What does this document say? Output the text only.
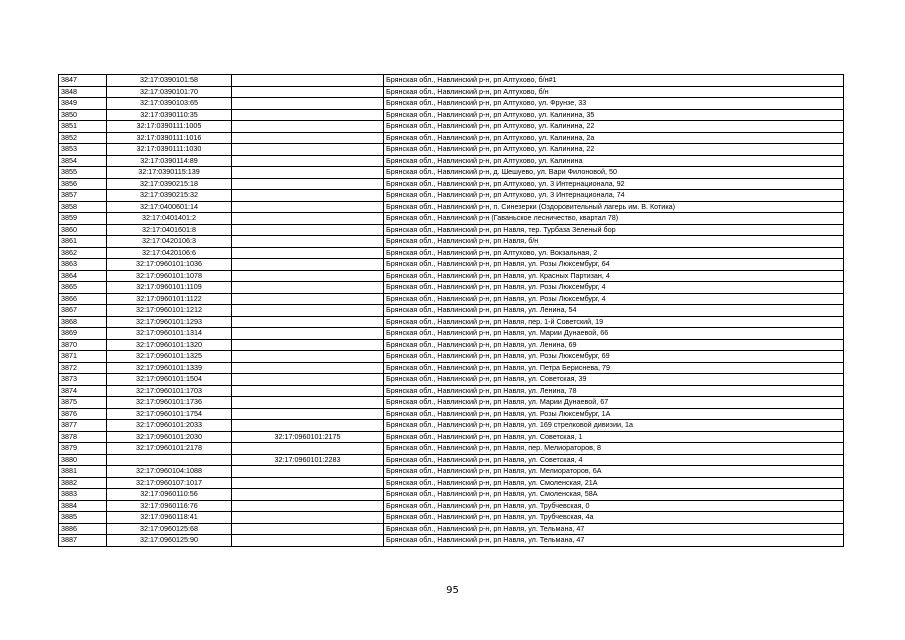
3847	32:17:0390101:58		Брянская обл., Навлинский р-н, рп Алтухово, б/н#1
3848	32:17:0390101:70		Брянская обл., Навлинский р-н, рп Алтухово, б/н
3849	32:17:0390103:65		Брянская обл., Навлинский р-н, рп Алтухово, ул. Фрунзе, 33
3850	32:17:0390110:35		Брянская обл., Навлинский р-н, рп Алтухово, ул. Калинина, 35
3851	32:17:0390111:1005		Брянская обл., Навлинский р-н, рп Алтухово, ул. Калинина, 22
3852	32:17:0390111:1016		Брянская обл., Навлинский р-н, рп Алтухово, ул. Калинина, 2а
3853	32:17:0390111:1030		Брянская обл., Навлинский р-н, рп Алтухово, ул. Калинина, 22
3854	32:17:0390114:89		Брянская обл., Навлинский р-н, рп Алтухово, ул. Калинина
3855	32:17:0390115:139		Брянская обл., Навлинский р-н, д. Шешуево, ул. Вари Филоновой, 50
3856	32:17:0390215:18		Брянская обл., Навлинский р-н, рп Алтухово, ул. 3 Интернационала, 92
3857	32:17:0390215:32		Брянская обл., Навлинский р-н, рп Алтухово, ул. 3 Интернационала, 74
3858	32:17:0400601:14		Брянская обл., Навлинский р-н, п. Синезерки (Оздоровительный лагерь им. В. Котика)
3859	32:17:0401401:2		Брянская обл., Навлинский р-н (Гаваньское лесничество, квартал 78)
3860	32:17:0401601:8		Брянская обл., Навлинский р-н, рп Навля, тер. Турбаза Зеленый бор
3861	32:17:0420106:3		Брянская обл., Навлинский р-н, рп Навля, б/н
3862	32:17:0420106:6		Брянская обл., Навлинский р-н, рп Алтухово, ул. Вокзальная, 2
3863	32:17:0960101:1036		Брянская обл., Навлинский р-н, рп Навля, ул. Розы Люксембург, 64
3864	32:17:0960101:1078		Брянская обл., Навлинский р-н, рп Навля, ул. Красных Партизан, 4
3865	32:17:0960101:1109		Брянская обл., Навлинский р-н, рп Навля, ул. Розы Люксембург, 4
3866	32:17:0960101:1122		Брянская обл., Навлинский р-н, рп Навля, ул. Розы Люксембург, 4
3867	32:17:0960101:1212		Брянская обл., Навлинский р-н, рп Навля, ул. Ленина, 54
3868	32:17:0960101:1293		Брянская обл., Навлинский р-н, рп Навля, пер. 1-й Советский, 19
3869	32:17:0960101:1314		Брянская обл., Навлинский р-н, рп Навля, ул. Марии Дунаевой, 66
3870	32:17:0960101:1320		Брянская обл., Навлинский р-н, рп Навля, ул. Ленина, 69
3871	32:17:0960101:1325		Брянская обл., Навлинский р-н, рп Навля, ул. Розы Люксембург, 69
3872	32:17:0960101:1339		Брянская обл., Навлинский р-н, рп Навля, ул. Петра Бериснева, 79
3873	32:17:0960101:1504		Брянская обл., Навлинский р-н, рп Навля, ул. Советская, 39
3874	32:17:0960101:1703		Брянская обл., Навлинский р-н, рп Навля, ул. Ленина, 78
3875	32:17:0960101:1736		Брянская обл., Навлинский р-н, рп Навля, ул. Марии Дунаевой, 67
3876	32:17:0960101:1754		Брянская обл., Навлинский р-н, рп Навля, ул. Розы Люксембург, 1А
3877	32:17:0960101:2033		Брянская обл., Навлинский р-н, рп Навля, ул. 169 стрелковой дивизии, 1а
3878	32:17:0960101:2030	32:17:0960101:2175	Брянская обл., Навлинский р-н, рп Навля, ул. Советская, 1
3879	32:17:0960101:2178		Брянская обл., Навлинский р-н, рп Навля, пер. Мелиораторов, 8
3880		32:17:0960101:2283	Брянская обл., Навлинский р-н, рп Навля, ул. Советская, 4
3881	32:17:0960104:1088		Брянская обл., Навлинский р-н, рп Навля, ул. Мелиораторов, 6А
3882	32:17:0960107:1017		Брянская обл., Навлинский р-н, рп Навля, ул. Смоленская, 21А
3883	32:17:0960110:56		Брянская обл., Навлинский р-н, рп Навля, ул. Смоленская, 58А
3884	32:17:0960116:76		Брянская обл., Навлинский р-н, рп Навля, ул. Трубчевская, 0
3885	32:17:0960118:41		Брянская обл., Навлинский р-н, рп Навля, ул. Трубчевская, 4а
3886	32:17:0960125:68		Брянская обл., Навлинский р-н, рп Навля, ул. Тельмана, 47
3887	32:17:0960125:90		Брянская обл., Навлинский р-н, рп Навля, ул. Тельмана, 47
95
